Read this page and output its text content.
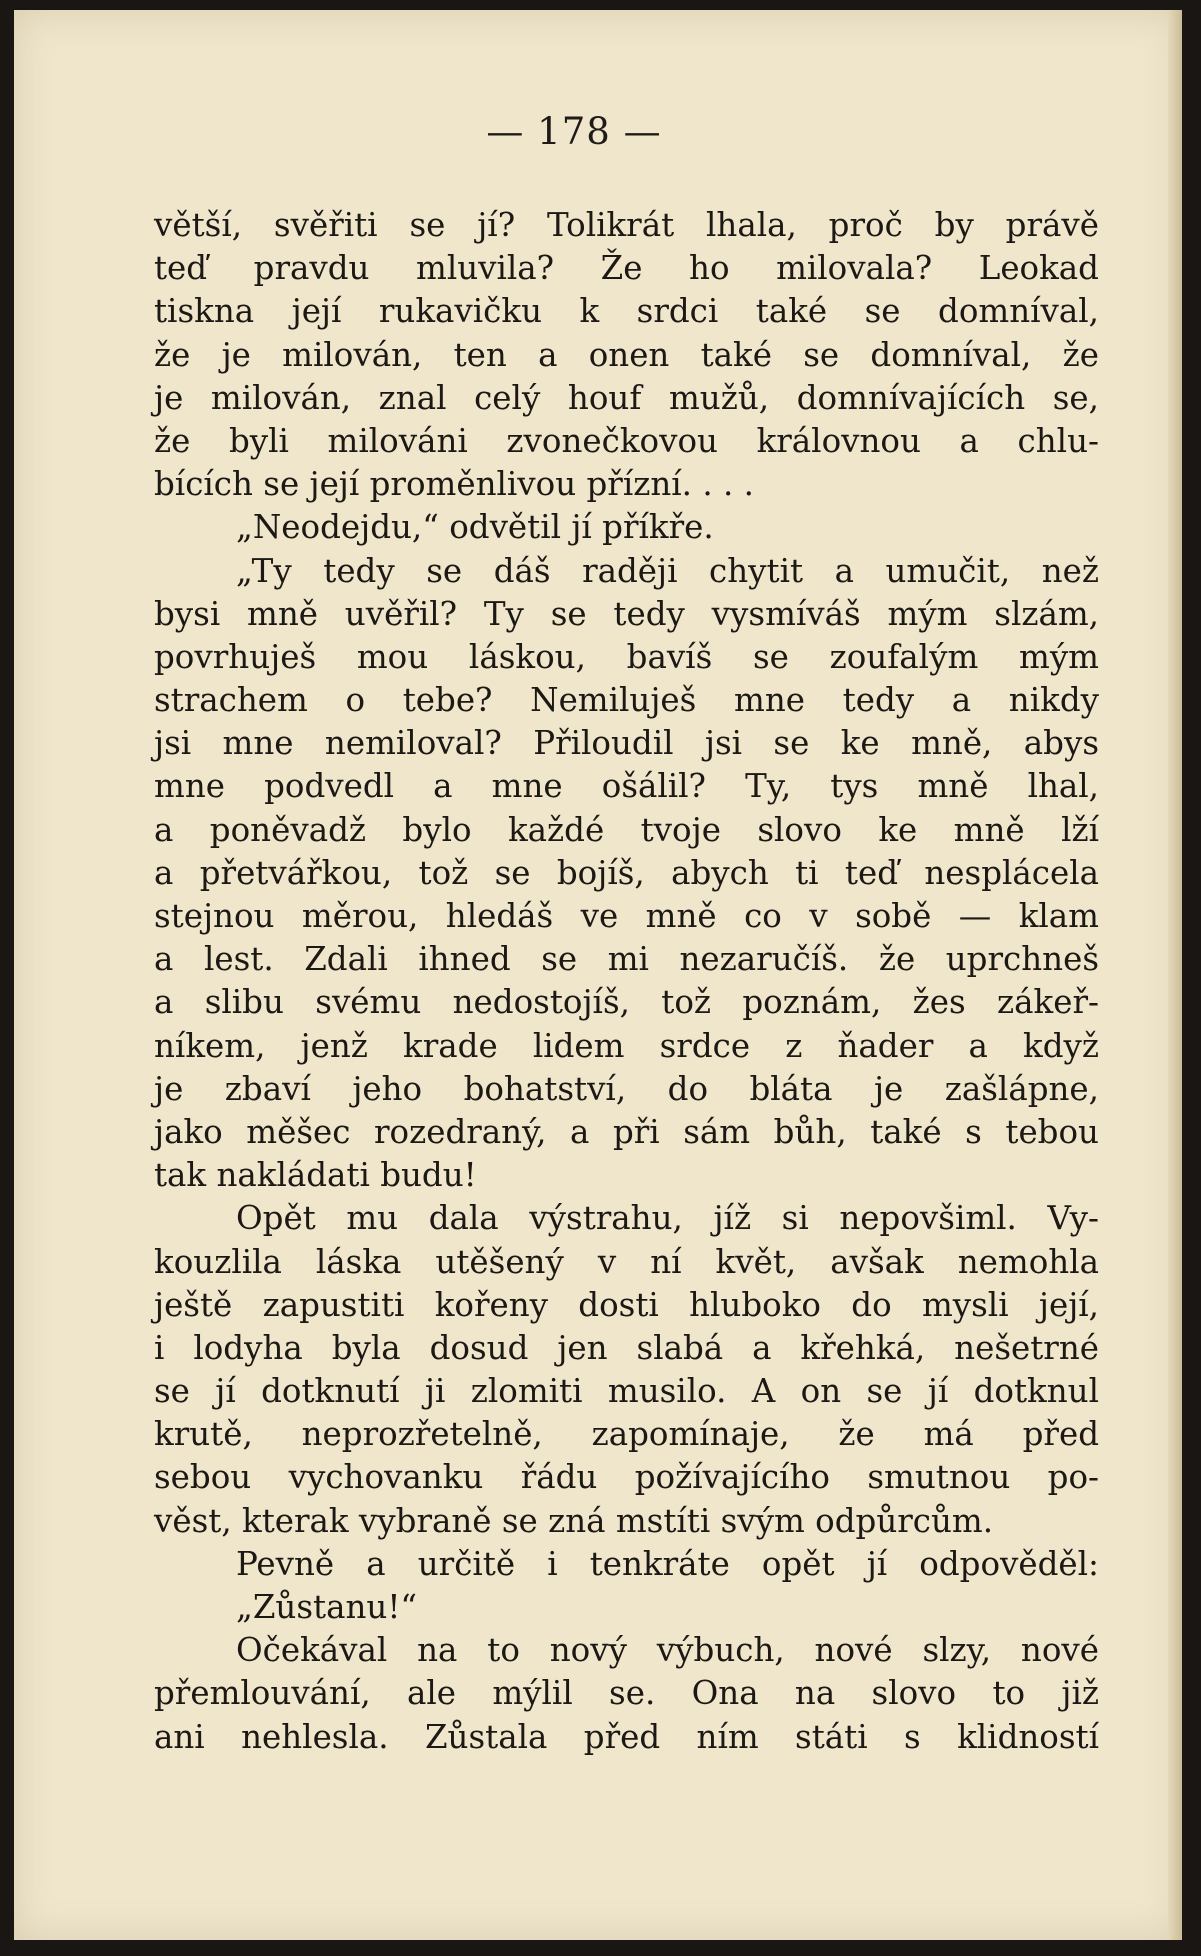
— 178 —
větší, svěřiti se jí? Tolikrát lhala, proč by právě
teď pravdu mluvila? Že ho milovala? Leokad
tiskna její rukavičku k srdci také se domníval,
že je milován, ten a onen také se domníval, že
je milován, znal celý houf mužů, domnívajících se,
že byli milováni zvonečkovou královnou a chlu-
bících se její proměnlivou přízní. . . .
„Neodejdu,“ odvětil jí příkře.
„Ty tedy se dáš raději chytit a umučit, než
bysi mně uvěřil? Ty se tedy vysmíváš mým slzám,
povrhuješ mou láskou, bavíš se zoufalým mým
strachem o tebe? Nemiluješ mne tedy a nikdy
jsi mne nemiloval? Přiloudil jsi se ke mně, abys
mne podvedl a mne ošálil? Ty, tys mně lhal,
a poněvadž bylo každé tvoje slovo ke mně lží
a přetvářkou, tož se bojíš, abych ti teď nesplácela
stejnou měrou, hledáš ve mně co v sobě — klam
a lest. Zdali ihned se mi nezaručíš. že uprchneš
a slibu svému nedostojíš, tož poznám, žes zákeř-
níkem, jenž krade lidem srdce z ňader a když
je zbaví jeho bohatství, do bláta je zašlápne,
jako měšec rozedraný, a při sám bůh, také s tebou
tak nakládati budu!
Opět mu dala výstrahu, jíž si nepovšiml. Vy-
kouzlila láska utěšený v ní květ, avšak nemohla
ještě zapustiti kořeny dosti hluboko do mysli její,
i lodyha byla dosud jen slabá a křehká, nešetrné
se jí dotknutí ji zlomiti musilo. A on se jí dotknul
krutě, neprozřetelně, zapomínaje, že má před
sebou vychovanku řádu požívajícího smutnou po-
věst, kterak vybraně se zná mstíti svým odpůrcům.
Pevně a určitě i tenkráte opět jí odpověděl:
„Zůstanu!“
Očekával na to nový výbuch, nové slzy, nové
přemlouvání, ale mýlil se. Ona na slovo to již
ani nehlesla. Zůstala před ním státi s klidností
